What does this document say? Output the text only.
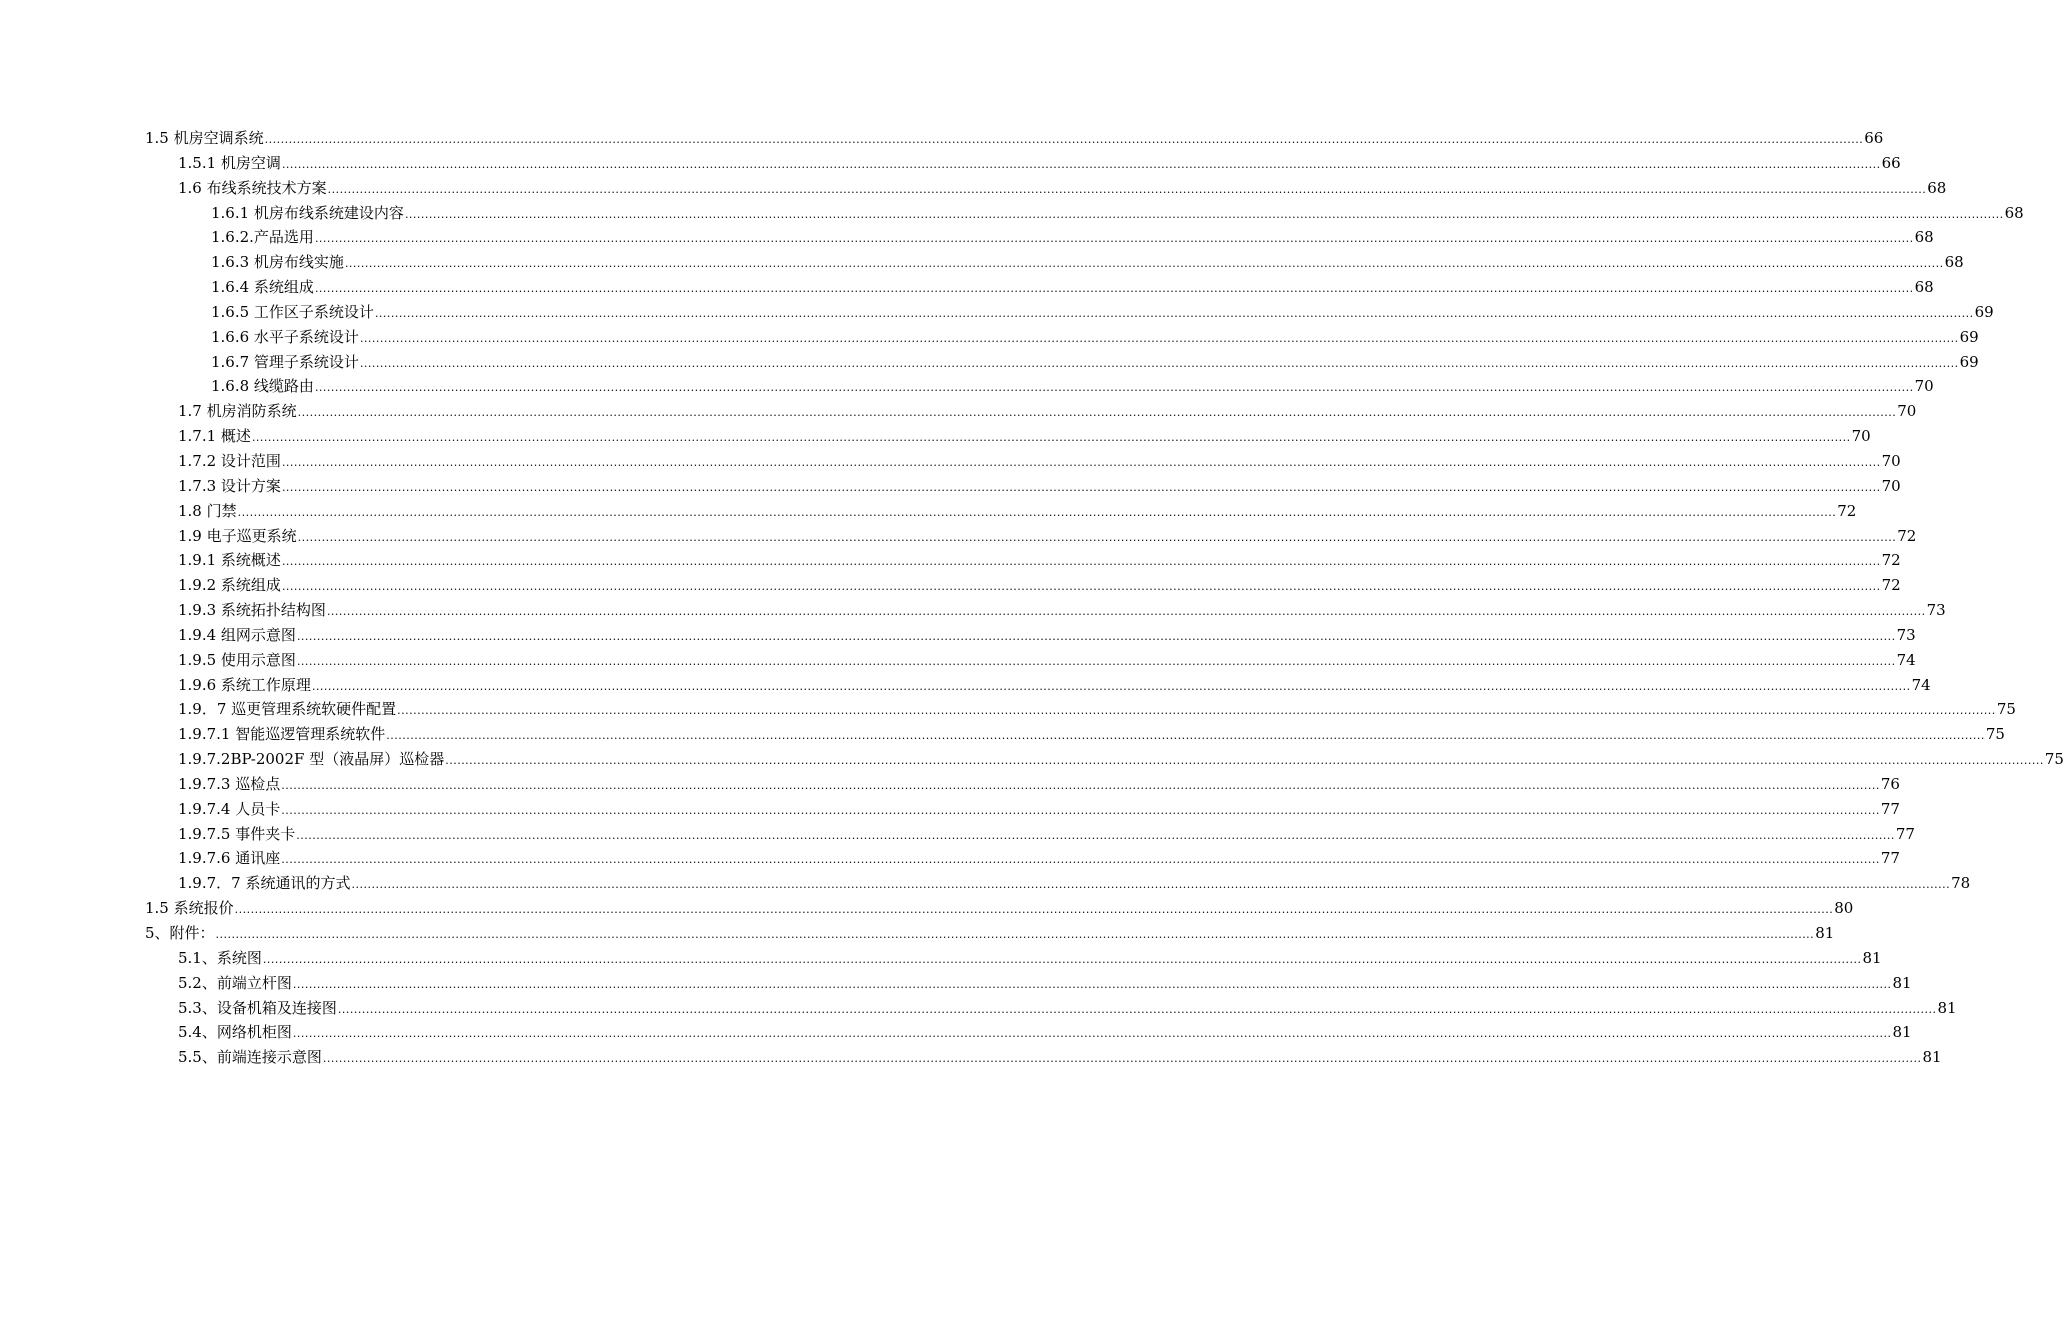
1.5 机房空调系统 ................................................................................................................................................................................................................................................................................................................................................................................................................ 66
1.5.1 机房空调 ................................................................................................................................................................................................................................................................................................................................................................................................................ 66
1.6 布线系统技术方案 ................................................................................................................................................................................................................................................................................................................................................................................................................ 68
1.6.1 机房布线系统建设内容 ................................................................................................................................................................................................................................................................................................................................................................................................................ 68
1.6.2.产品选用 ................................................................................................................................................................................................................................................................................................................................................................................................................ 68
1.6.3 机房布线实施 ................................................................................................................................................................................................................................................................................................................................................................................................................ 68
1.6.4 系统组成 ................................................................................................................................................................................................................................................................................................................................................................................................................ 68
1.6.5 工作区子系统设计 ................................................................................................................................................................................................................................................................................................................................................................................................................ 69
1.6.6 水平子系统设计 ................................................................................................................................................................................................................................................................................................................................................................................................................ 69
1.6.7 管理子系统设计 ................................................................................................................................................................................................................................................................................................................................................................................................................ 69
1.6.8 线缆路由 ................................................................................................................................................................................................................................................................................................................................................................................................................ 70
1.7 机房消防系统 ................................................................................................................................................................................................................................................................................................................................................................................................................ 70
1.7.1 概述 ................................................................................................................................................................................................................................................................................................................................................................................................................ 70
1.7.2 设计范围 ................................................................................................................................................................................................................................................................................................................................................................................................................ 70
1.7.3 设计方案 ................................................................................................................................................................................................................................................................................................................................................................................................................ 70
1.8 门禁 ................................................................................................................................................................................................................................................................................................................................................................................................................ 72
1.9 电子巡更系统 ................................................................................................................................................................................................................................................................................................................................................................................................................ 72
1.9.1 系统概述 ................................................................................................................................................................................................................................................................................................................................................................................................................ 72
1.9.2 系统组成 ................................................................................................................................................................................................................................................................................................................................................................................................................ 72
1.9.3 系统拓扑结构图 ................................................................................................................................................................................................................................................................................................................................................................................................................ 73
1.9.4 组网示意图 ................................................................................................................................................................................................................................................................................................................................................................................................................ 73
1.9.5 使用示意图 ................................................................................................................................................................................................................................................................................................................................................................................................................ 74
1.9.6 系统工作原理 ................................................................................................................................................................................................................................................................................................................................................................................................................ 74
1.9．7 巡更管理系统软硬件配置 ................................................................................................................................................................................................................................................................................................................................................................................................................ 75
1.9.7.1 智能巡逻管理系统软件 ................................................................................................................................................................................................................................................................................................................................................................................................................ 75
1.9.7.2BP-2002F 型（液晶屏）巡检器 ................................................................................................................................................................................................................................................................................................................................................................................................................ 75
1.9.7.3 巡检点 ................................................................................................................................................................................................................................................................................................................................................................................................................ 76
1.9.7.4 人员卡 ................................................................................................................................................................................................................................................................................................................................................................................................................ 77
1.9.7.5 事件夹卡 ................................................................................................................................................................................................................................................................................................................................................................................................................ 77
1.9.7.6 通讯座 ................................................................................................................................................................................................................................................................................................................................................................................................................ 77
1.9.7．7 系统通讯的方式 ................................................................................................................................................................................................................................................................................................................................................................................................................ 78
1.5 系统报价 ................................................................................................................................................................................................................................................................................................................................................................................................................ 80
5、附件： ................................................................................................................................................................................................................................................................................................................................................................................................................ 81
5.1、系统图 ................................................................................................................................................................................................................................................................................................................................................................................................................ 81
5.2、前端立杆图 ................................................................................................................................................................................................................................................................................................................................................................................................................ 81
5.3、设备机箱及连接图 ................................................................................................................................................................................................................................................................................................................................................................................................................ 81
5.4、网络机柜图 ................................................................................................................................................................................................................................................................................................................................................................................................................ 81
5.5、前端连接示意图 ................................................................................................................................................................................................................................................................................................................................................................................................................ 81
